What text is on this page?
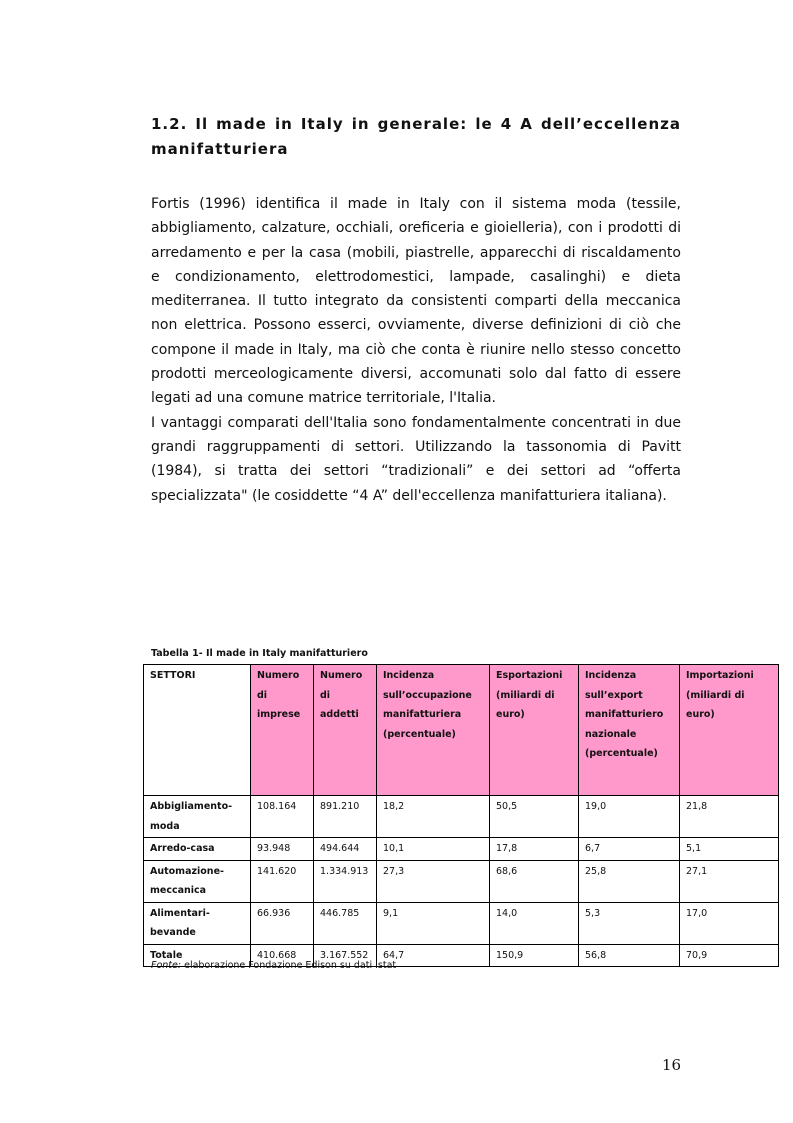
1.2. Il made in Italy in generale: le 4 A dell’eccellenza manifatturiera

Fortis (1996) identifica il made in Italy con il sistema moda (tessile, abbigliamento, calzature, occhiali, oreficeria e gioielleria), con i prodotti di arredamento e per la casa (mobili, piastrelle, apparecchi di riscaldamento e condizionamento, elettrodomestici, lampade, casalinghi) e dieta mediterranea. Il tutto integrato da consistenti comparti della meccanica non elettrica. Possono esserci, ovviamente, diverse definizioni di ciò che compone il made in Italy, ma ciò che conta è riunire nello stesso concetto prodotti merceologicamente diversi, accomunati solo dal fatto di essere legati ad una comune matrice territoriale, l'Italia.

I vantaggi comparati dell'Italia sono fondamentalmente concentrati in due grandi raggruppamenti di settori. Utilizzando la tassonomia di Pavitt (1984), si tratta dei settori “tradizionali” e dei settori ad “offerta specializzata" (le cosiddette “4 A” dell'eccellenza manifatturiera italiana).

Tabella 1- Il made in Italy manifatturiero

SETTORI	Numero di imprese	Numero di addetti	Incidenza sull’occupazione manifatturiera (percentuale)	Esportazioni (miliardi di euro)	Incidenza sull’export manifatturiero nazionale (percentuale)	Importazioni (miliardi di euro)
Abbigliamento-moda	108.164	891.210	18,2	50,5	19,0	21,8
Arredo-casa	93.948	494.644	10,1	17,8	6,7	5,1
Automazione-meccanica	141.620	1.334.913	27,3	68,6	25,8	27,1
Alimentari-bevande	66.936	446.785	9,1	14,0	5,3	17,0
Totale	410.668	3.167.552	64,7	150,9	56,8	70,9

Fonte: elaborazione Fondazione Edison su dati Istat

16
